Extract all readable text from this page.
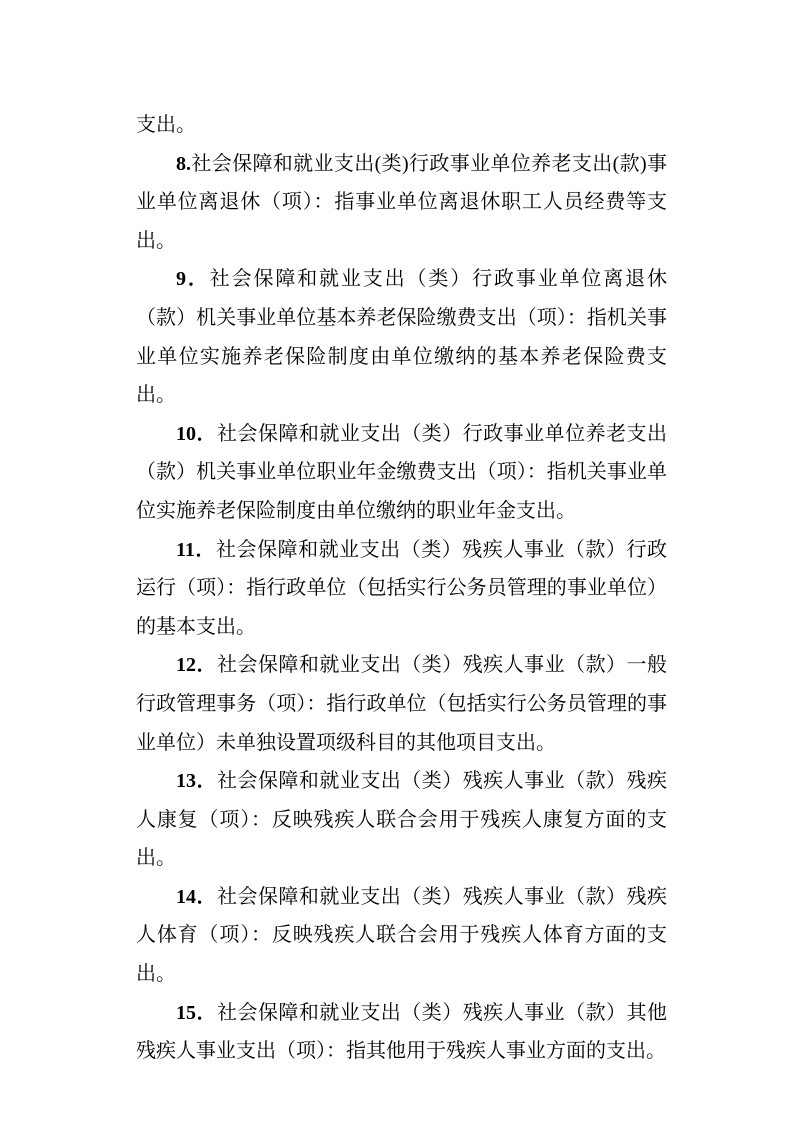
支出。

8.社会保障和就业支出(类)行政事业单位养老支出(款)事业单位离退休（项）：指事业单位离退休职工人员经费等支出。

9．社会保障和就业支出（类）行政事业单位离退休（款）机关事业单位基本养老保险缴费支出（项）：指机关事业单位实施养老保险制度由单位缴纳的基本养老保险费支出。

10．社会保障和就业支出（类）行政事业单位养老支出（款）机关事业单位职业年金缴费支出（项）：指机关事业单位实施养老保险制度由单位缴纳的职业年金支出。

11．社会保障和就业支出（类）残疾人事业（款）行政运行（项）：指行政单位（包括实行公务员管理的事业单位）的基本支出。

12．社会保障和就业支出（类）残疾人事业（款）一般行政管理事务（项）：指行政单位（包括实行公务员管理的事业单位）未单独设置项级科目的其他项目支出。

13．社会保障和就业支出（类）残疾人事业（款）残疾人康复（项）：反映残疾人联合会用于残疾人康复方面的支出。

14．社会保障和就业支出（类）残疾人事业（款）残疾人体育（项）：反映残疾人联合会用于残疾人体育方面的支出。

15．社会保障和就业支出（类）残疾人事业（款）其他残疾人事业支出（项）：指其他用于残疾人事业方面的支出。
